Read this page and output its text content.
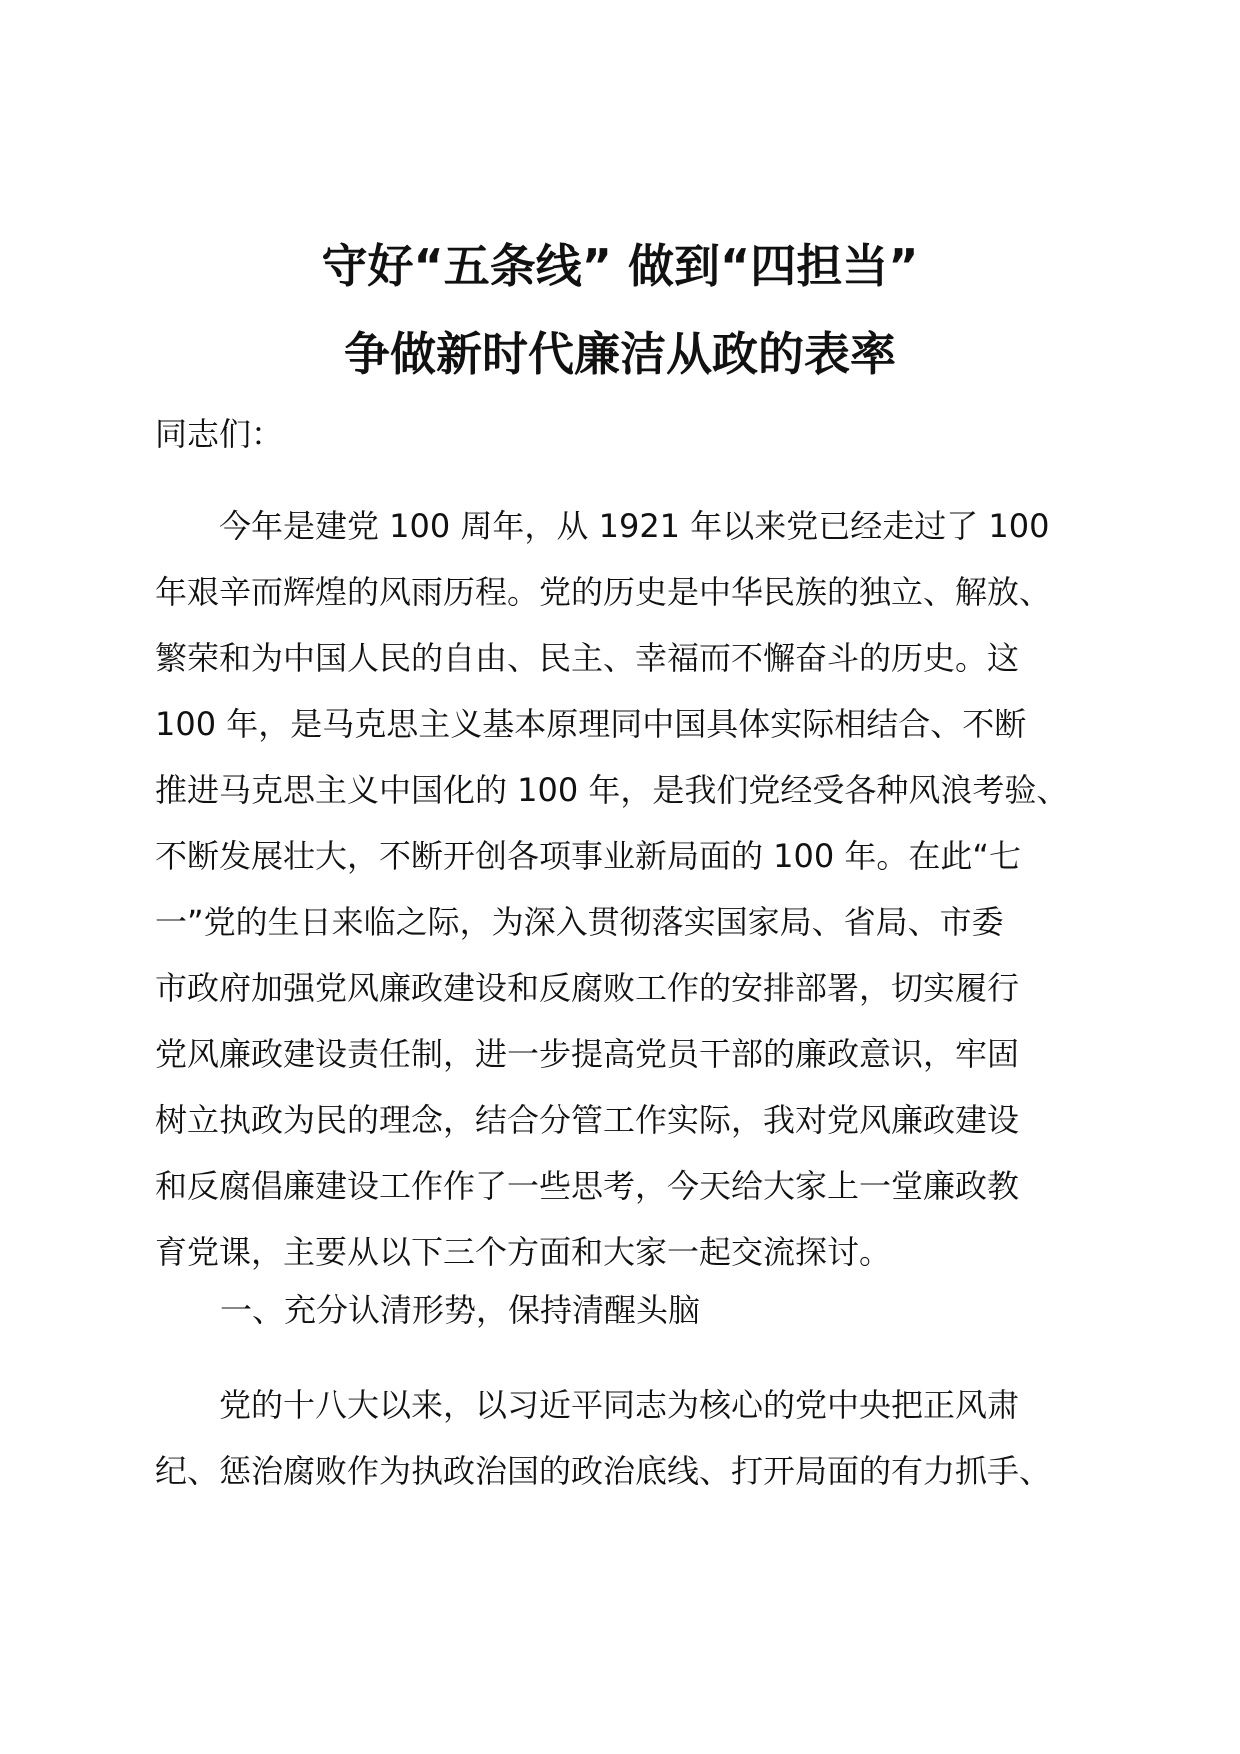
守好“五条线” 做到“四担当”
争做新时代廉洁从政的表率
同志们：
　　今年是建党 100 周年，从 1921 年以来党已经走过了 100
年艰辛而辉煌的风雨历程。党的历史是中华民族的独立、解放、
繁荣和为中国人民的自由、民主、幸福而不懈奋斗的历史。这
100 年，是马克思主义基本原理同中国具体实际相结合、不断
推进马克思主义中国化的 100 年，是我们党经受各种风浪考验、
不断发展壮大，不断开创各项事业新局面的 100 年。在此“七
一”党的生日来临之际，为深入贯彻落实国家局、省局、市委
市政府加强党风廉政建设和反腐败工作的安排部署，切实履行
党风廉政建设责任制，进一步提高党员干部的廉政意识，牢固
树立执政为民的理念，结合分管工作实际，我对党风廉政建设
和反腐倡廉建设工作作了一些思考，今天给大家上一堂廉政教
育党课，主要从以下三个方面和大家一起交流探讨。
一、充分认清形势，保持清醒头脑
　　党的十八大以来，以习近平同志为核心的党中央把正风肃
纪、惩治腐败作为执政治国的政治底线、打开局面的有力抓手、
